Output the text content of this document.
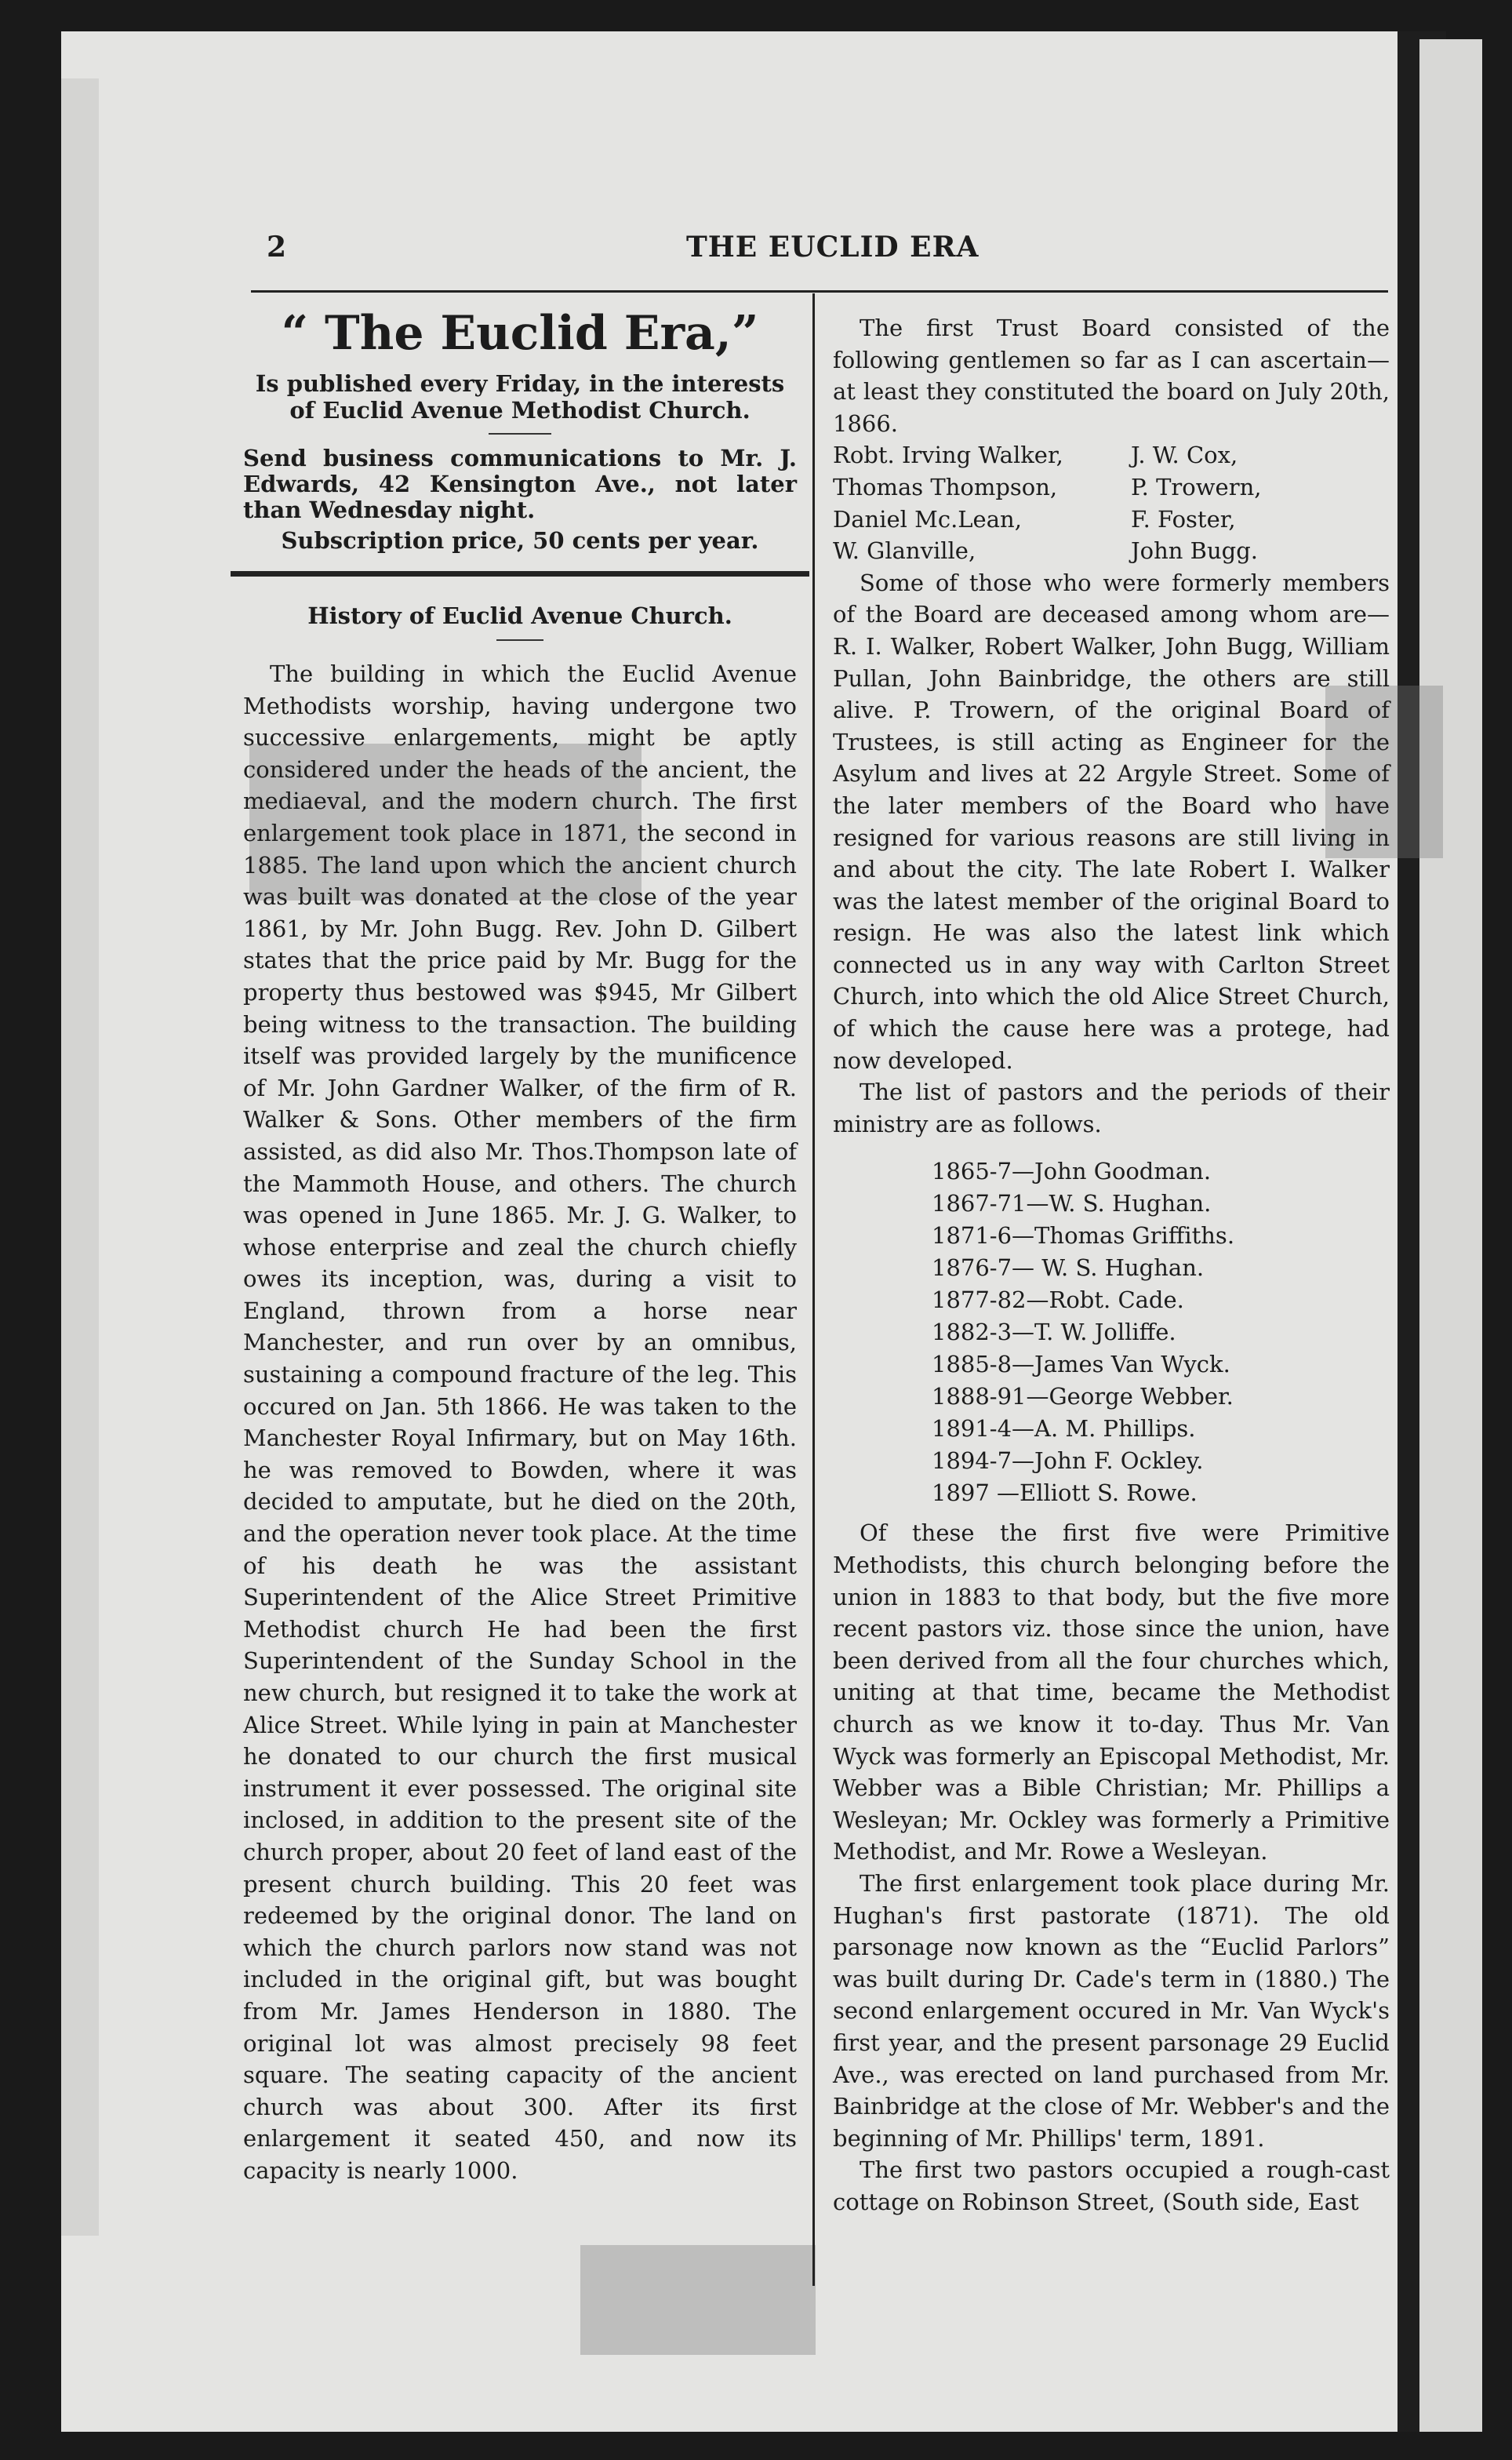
2	THE EUCLID ERA
“ The Euclid Era,”
Is published every Friday, in the interests of Euclid Avenue Methodist Church.
Send business communications to Mr. J. Edwards, 42 Kensington Ave., not later than Wednesday night.
Subscription price, 50 cents per year.
History of Euclid Avenue Church.

The building in which the Euclid Avenue Methodists worship, having undergone two successive enlargements, might be aptly considered under the heads of the ancient, the mediaeval, and the modern church. The first enlargement took place in 1871, the second in 1885. The land upon which the ancient church was built was donated at the close of the year 1861, by Mr. John Bugg. Rev. John D. Gilbert states that the price paid by Mr. Bugg for the property thus bestowed was $945, Mr Gilbert being witness to the transaction. The building itself was provided largely by the munificence of Mr. John Gardner Walker, of the firm of R. Walker & Sons. Other members of the firm assisted, as did also Mr. Thos.Thompson late of the Mammoth House, and others. The church was opened in June 1865. Mr. J. G. Walker, to whose enterprise and zeal the church chiefly owes its inception, was, during a visit to England, thrown from a horse near Manchester, and run over by an omnibus, sustaining a compound fracture of the leg. This occured on Jan. 5th 1866. He was taken to the Manchester Royal Infirmary, but on May 16th. he was removed to Bowden, where it was decided to amputate, but he died on the 20th, and the operation never took place. At the time of his death he was the assistant Superintendent of the Alice Street Primitive Methodist church He had been the first Superintendent of the Sunday School in the new church, but resigned it to take the work at Alice Street. While lying in pain at Manchester he donated to our church the first musical instrument it ever possessed. The original site inclosed, in addition to the present site of the church proper, about 20 feet of land east of the present church building. This 20 feet was redeemed by the original donor. The land on which the church parlors now stand was not included in the original gift, but was bought from Mr. James Henderson in 1880. The original lot was almost precisely 98 feet square. The seating capacity of the ancient church was about 300. After its first enlargement it seated 450, and now its capacity is nearly 1000.

The first Trust Board consisted of the following gentlemen so far as I can ascertain—at least they constituted the board on July 20th, 1866.

Robt. Irving Walker,	J. W. Cox,
Thomas Thompson,	P. Trowern,
Daniel Mc.Lean,	F. Foster,
W. Glanville,	John Bugg.

Some of those who were formerly members of the Board are deceased among whom are—R. I. Walker, Robert Walker, John Bugg, William Pullan, John Bainbridge, the others are still alive. P. Trowern, of the original Board of Trustees, is still acting as Engineer for the Asylum and lives at 22 Argyle Street. Some of the later members of the Board who have resigned for various reasons are still living in and about the city. The late Robert I. Walker was the latest member of the original Board to resign. He was also the latest link which connected us in any way with Carlton Street Church, into which the old Alice Street Church, of which the cause here was a protege, had now developed.

The list of pastors and the periods of their ministry are as follows.

1865-7—John Goodman.
1867-71—W. S. Hughan.
1871-6—Thomas Griffiths.
1876-7— W. S. Hughan.
1877-82—Robt. Cade.
1882-3—T. W. Jolliffe.
1885-8—James Van Wyck.
1888-91—George Webber.
1891-4—A. M. Phillips.
1894-7—John F. Ockley.
1897 —Elliott S. Rowe.

Of these the first five were Primitive Methodists, this church belonging before the union in 1883 to that body, but the five more recent pastors viz. those since the union, have been derived from all the four churches which, uniting at that time, became the Methodist church as we know it to-day. Thus Mr. Van Wyck was formerly an Episcopal Methodist, Mr. Webber was a Bible Christian; Mr. Phillips a Wesleyan; Mr. Ockley was formerly a Primitive Methodist, and Mr. Rowe a Wesleyan.

The first enlargement took place during Mr. Hughan's first pastorate (1871). The old parsonage now known as the “Euclid Parlors” was built during Dr. Cade's term in (1880.) The second enlargement occured in Mr. Van Wyck's first year, and the present parsonage 29 Euclid Ave., was erected on land purchased from Mr. Bainbridge at the close of Mr. Webber's and the beginning of Mr. Phillips' term, 1891.

The first two pastors occupied a rough-cast cottage on Robinson Street, (South side, East
